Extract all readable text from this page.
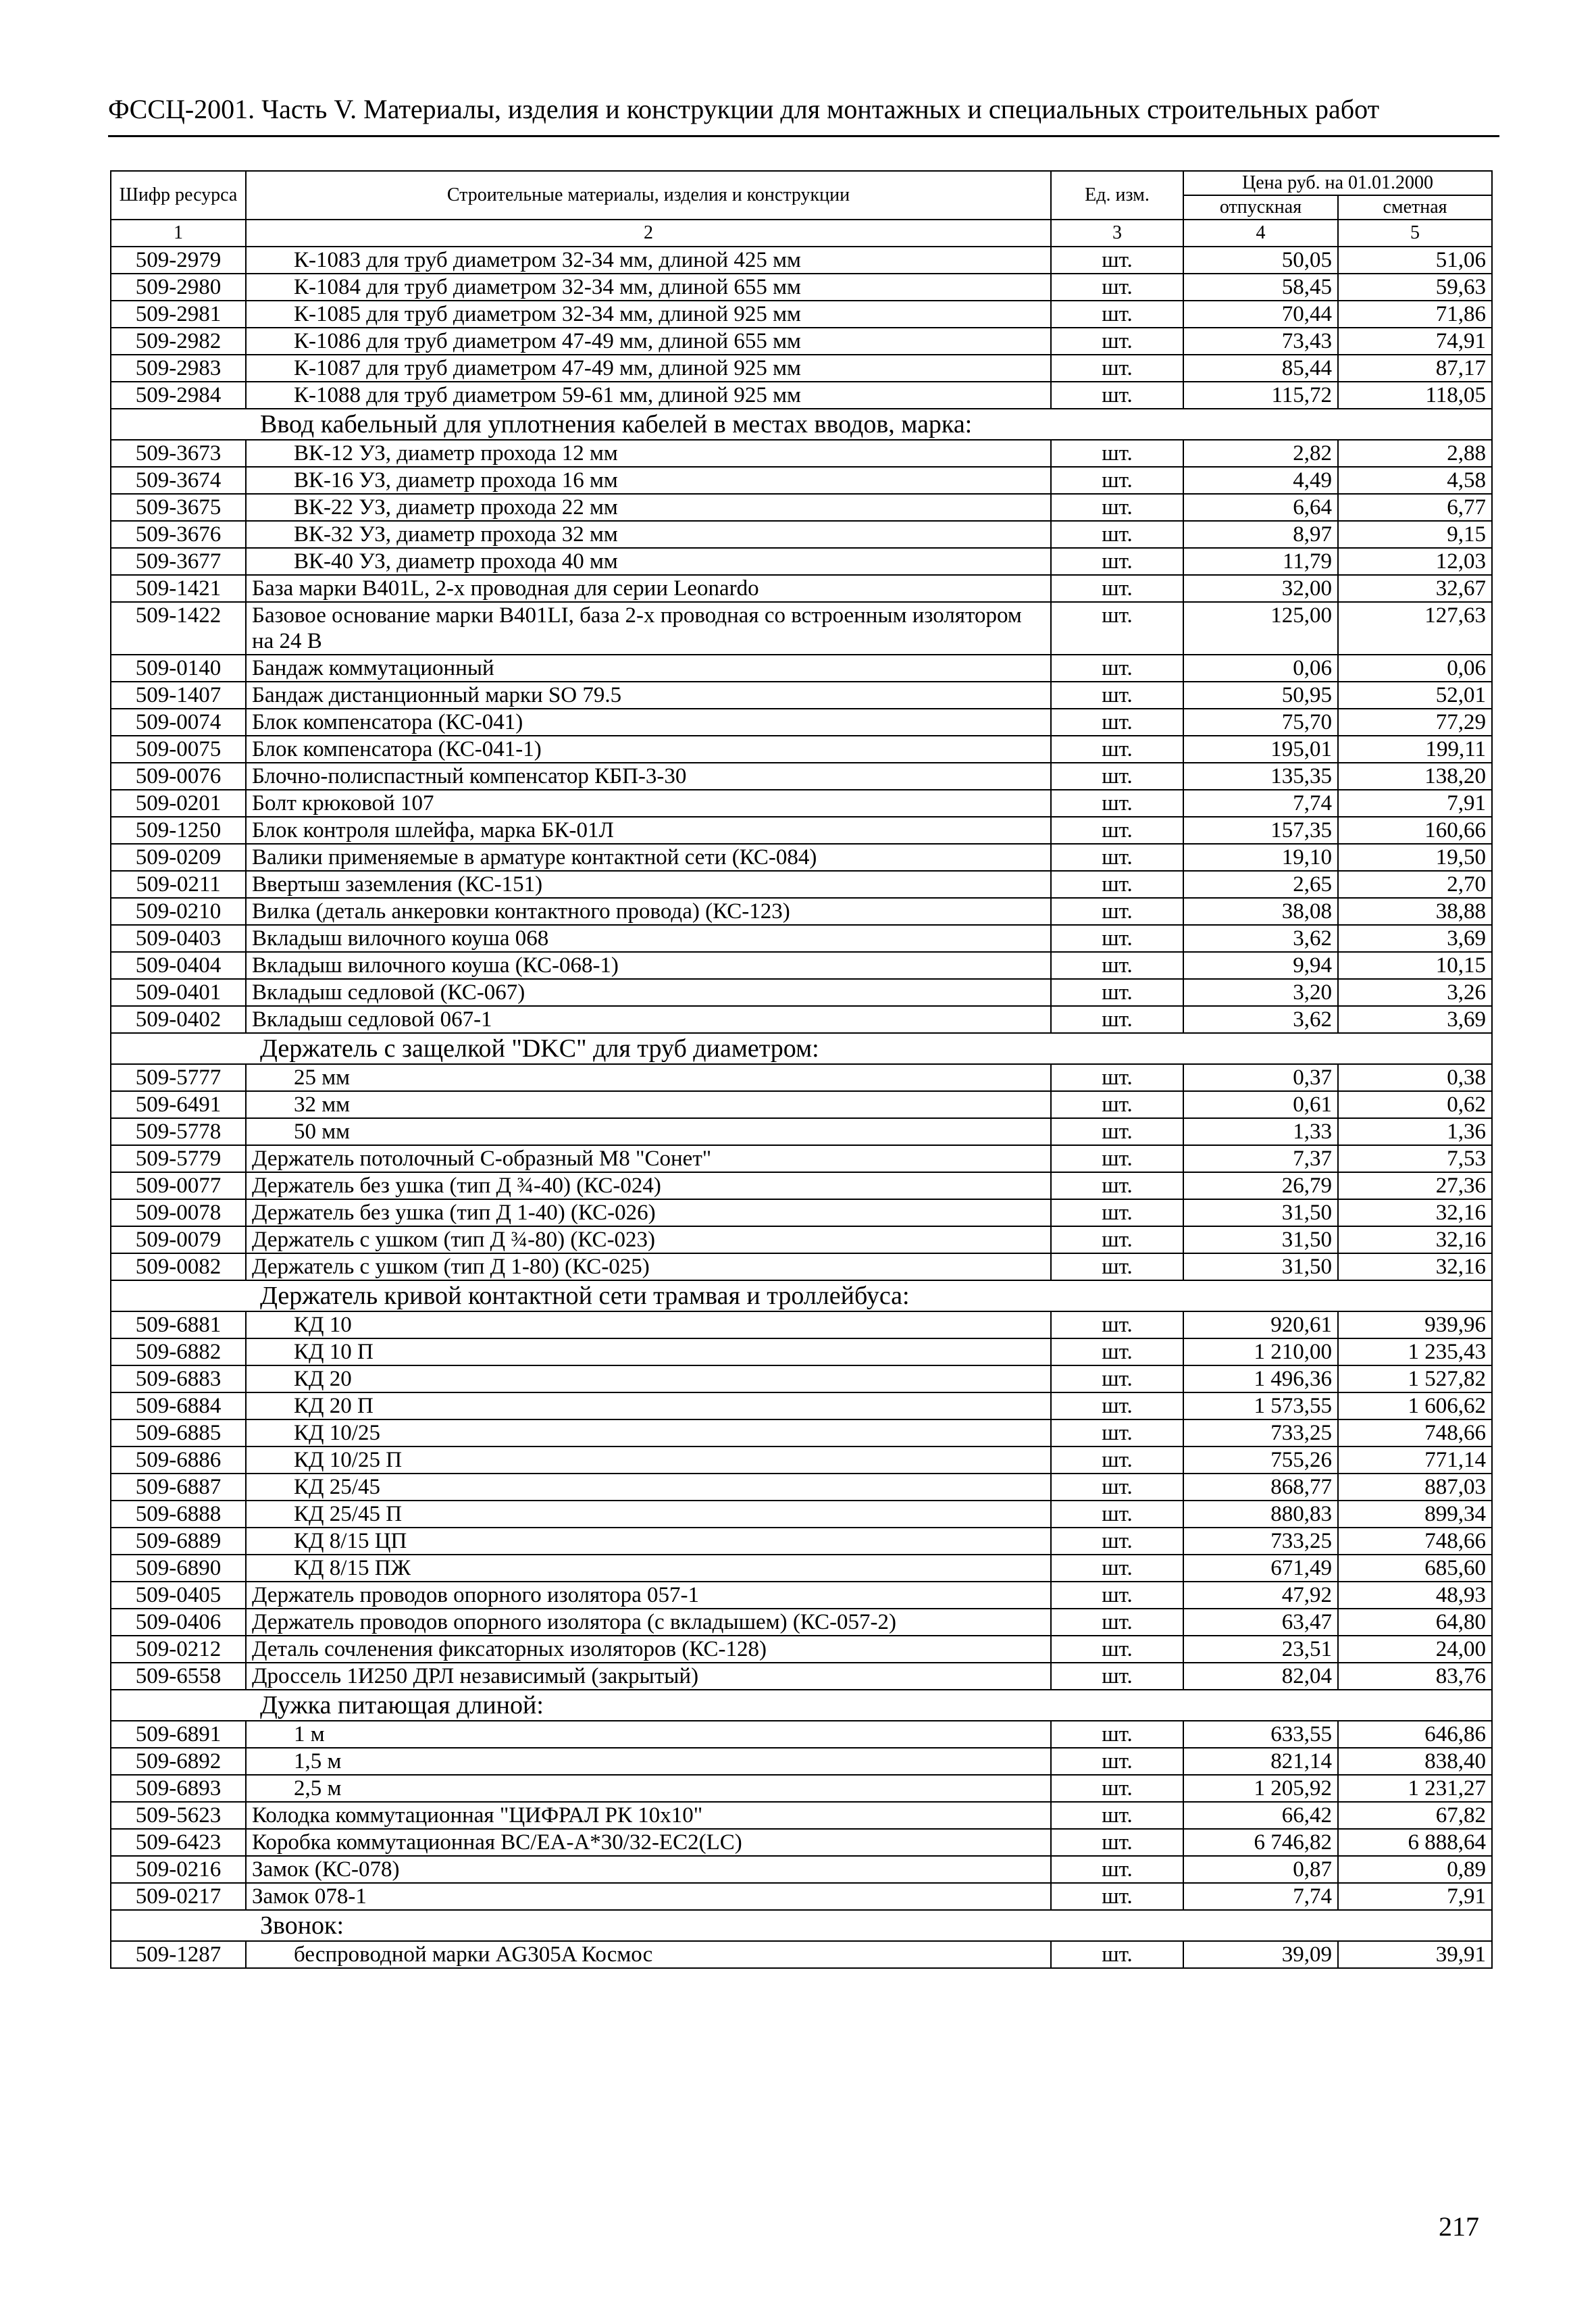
ФССЦ-2001. Часть V. Материалы, изделия и конструкции для монтажных и специальных строительных работ
Шифр ресурса	Строительные материалы, изделия и конструкции	Ед. изм.	Цена руб. на 01.01.2000	
			отпускная	сметная
1	2	3	4	5
509-2979	К-1083 для труб диаметром 32-34 мм, длиной 425 мм	шт.	50,05	51,06
509-2980	К-1084 для труб диаметром 32-34 мм, длиной 655 мм	шт.	58,45	59,63
509-2981	К-1085 для труб диаметром 32-34 мм, длиной 925 мм	шт.	70,44	71,86
509-2982	К-1086 для труб диаметром 47-49 мм, длиной 655 мм	шт.	73,43	74,91
509-2983	К-1087 для труб диаметром 47-49 мм, длиной 925 мм	шт.	85,44	87,17
509-2984	К-1088 для труб диаметром 59-61 мм, длиной 925 мм	шт.	115,72	118,05
Ввод кабельный для уплотнения кабелей в местах вводов, марка:				
509-3673	ВК-12 УЗ, диаметр прохода 12 мм	шт.	2,82	2,88
509-3674	ВК-16 УЗ, диаметр прохода 16 мм	шт.	4,49	4,58
509-3675	ВК-22 УЗ, диаметр прохода 22 мм	шт.	6,64	6,77
509-3676	ВК-32 УЗ, диаметр прохода 32 мм	шт.	8,97	9,15
509-3677	ВК-40 УЗ, диаметр прохода 40 мм	шт.	11,79	12,03
509-1421	База марки B401L, 2-х проводная для серии Leonardo	шт.	32,00	32,67
509-1422	Базовое основание марки B401LI, база 2-х проводная со встроенным изолятором на 24 В	шт.	125,00	127,63
509-0140	Бандаж коммутационный	шт.	0,06	0,06
509-1407	Бандаж дистанционный марки SO 79.5	шт.	50,95	52,01
509-0074	Блок компенсатора (КС-041)	шт.	75,70	77,29
509-0075	Блок компенсатора (КС-041-1)	шт.	195,01	199,11
509-0076	Блочно-полиспастный компенсатор КБП-3-30	шт.	135,35	138,20
509-0201	Болт крюковой 107	шт.	7,74	7,91
509-1250	Блок контроля шлейфа, марка БК-01Л	шт.	157,35	160,66
509-0209	Валики применяемые в арматуре контактной сети (КС-084)	шт.	19,10	19,50
509-0211	Ввертыш заземления (КС-151)	шт.	2,65	2,70
509-0210	Вилка (деталь анкеровки контактного провода) (КС-123)	шт.	38,08	38,88
509-0403	Вкладыш вилочного коуша 068	шт.	3,62	3,69
509-0404	Вкладыш вилочного коуша (КС-068-1)	шт.	9,94	10,15
509-0401	Вкладыш седловой (КС-067)	шт.	3,20	3,26
509-0402	Вкладыш седловой 067-1	шт.	3,62	3,69
Держатель с защелкой "DKC" для труб диаметром:				
509-5777	25 мм	шт.	0,37	0,38
509-6491	32 мм	шт.	0,61	0,62
509-5778	50 мм	шт.	1,33	1,36
509-5779	Держатель потолочный С-образный М8 "Сонет"	шт.	7,37	7,53
509-0077	Держатель без ушка (тип Д ¾-40) (КС-024)	шт.	26,79	27,36
509-0078	Держатель без ушка (тип Д 1-40) (КС-026)	шт.	31,50	32,16
509-0079	Держатель с ушком (тип Д ¾-80) (КС-023)	шт.	31,50	32,16
509-0082	Держатель с ушком (тип Д 1-80) (КС-025)	шт.	31,50	32,16
Держатель кривой контактной сети трамвая и троллейбуса:				
509-6881	КД 10	шт.	920,61	939,96
509-6882	КД 10 П	шт.	1 210,00	1 235,43
509-6883	КД 20	шт.	1 496,36	1 527,82
509-6884	КД 20 П	шт.	1 573,55	1 606,62
509-6885	КД 10/25	шт.	733,25	748,66
509-6886	КД 10/25 П	шт.	755,26	771,14
509-6887	КД 25/45	шт.	868,77	887,03
509-6888	КД 25/45 П	шт.	880,83	899,34
509-6889	КД 8/15 ЦП	шт.	733,25	748,66
509-6890	КД 8/15 ПЖ	шт.	671,49	685,60
509-0405	Держатель проводов опорного изолятора 057-1	шт.	47,92	48,93
509-0406	Держатель проводов опорного изолятора (с вкладышем) (КС-057-2)	шт.	63,47	64,80
509-0212	Деталь сочленения фиксаторных изоляторов (КС-128)	шт.	23,51	24,00
509-6558	Дроссель 1И250 ДРЛ независимый (закрытый)	шт.	82,04	83,76
Дужка питающая длиной:				
509-6891	1 м	шт.	633,55	646,86
509-6892	1,5 м	шт.	821,14	838,40
509-6893	2,5 м	шт.	1 205,92	1 231,27
509-5623	Колодка коммутационная "ЦИФРАЛ РК 10х10"	шт.	66,42	67,82
509-6423	Коробка коммутационная BC/EA-A*30/32-EC2(LC)	шт.	6 746,82	6 888,64
509-0216	Замок (КС-078)	шт.	0,87	0,89
509-0217	Замок 078-1	шт.	7,74	7,91
Звонок:				
509-1287	беспроводной марки AG305A Космос	шт.	39,09	39,91
217
